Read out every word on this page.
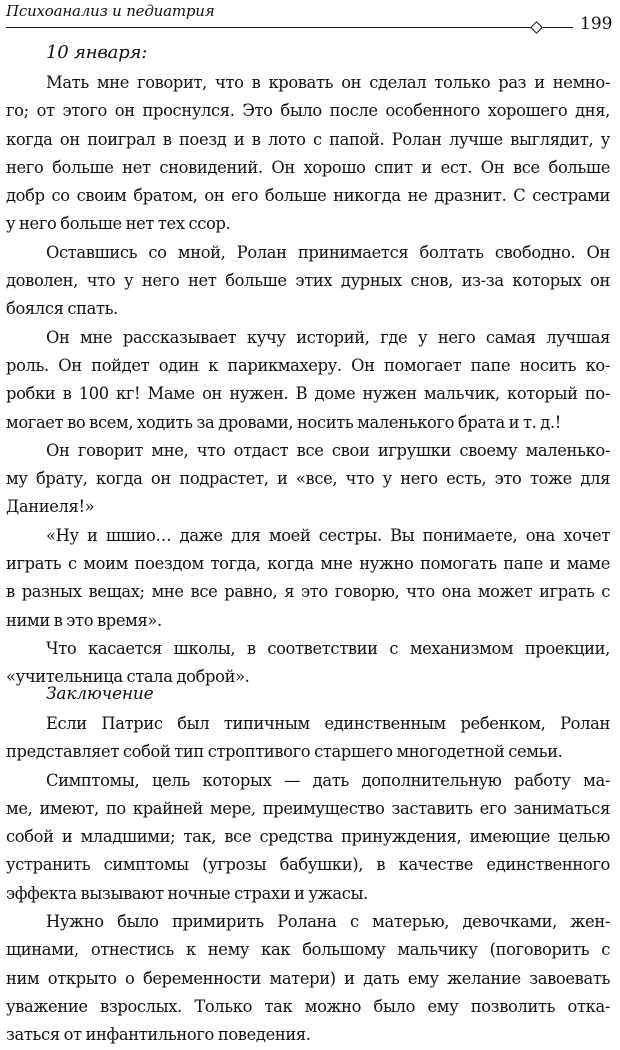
Психоанализ и педиатрия
199
10 января:
Мать мне говорит, что в кровать он сделал только раз и немно-
го; от этого он проснулся. Это было после особенного хорошего дня,
когда он поиграл в поезд и в лото с папой. Ролан лучше выглядит, у
него больше нет сновидений. Он хорошо спит и ест. Он все больше
добр со своим братом, он его больше никогда не дразнит. С сестрами
у него больше нет тех ссор.
Оставшись со мной, Ролан принимается болтать свободно. Он
доволен, что у него нет больше этих дурных снов, из-за которых он
боялся спать.
Он мне рассказывает кучу историй, где у него самая лучшая
роль. Он пойдет один к парикмахеру. Он помогает папе носить ко-
робки в 100 кг! Маме он нужен. В доме нужен мальчик, который по-
могает во всем, ходить за дровами, носить маленького брата и т. д.!
Он говорит мне, что отдаст все свои игрушки своему маленько-
му брату, когда он подрастет, и «все, что у него есть, это тоже для
Даниеля!»
«Ну и шшио… даже для моей сестры. Вы понимаете, она хочет
играть с моим поездом тогда, когда мне нужно помогать папе и маме
в разных вещах; мне все равно, я это говорю, что она может играть с
ними в это время».
Что касается школы, в соответствии с механизмом проекции,
«учительница стала доброй».
Заключение
Если Патрис был типичным единственным ребенком, Ролан
представляет собой тип строптивого старшего многодетной семьи.
Симптомы, цель которых — дать дополнительную работу ма-
ме, имеют, по крайней мере, преимущество заставить его заниматься
собой и младшими; так, все средства принуждения, имеющие целью
устранить симптомы (угрозы бабушки), в качестве единственного
эффекта вызывают ночные страхи и ужасы.
Нужно было примирить Ролана с матерью, девочками, жен-
щинами, отнестись к нему как большому мальчику (поговорить с
ним открыто о беременности матери) и дать ему желание завоевать
уважение взрослых. Только так можно было ему позволить отка-
заться от инфантильного поведения.
